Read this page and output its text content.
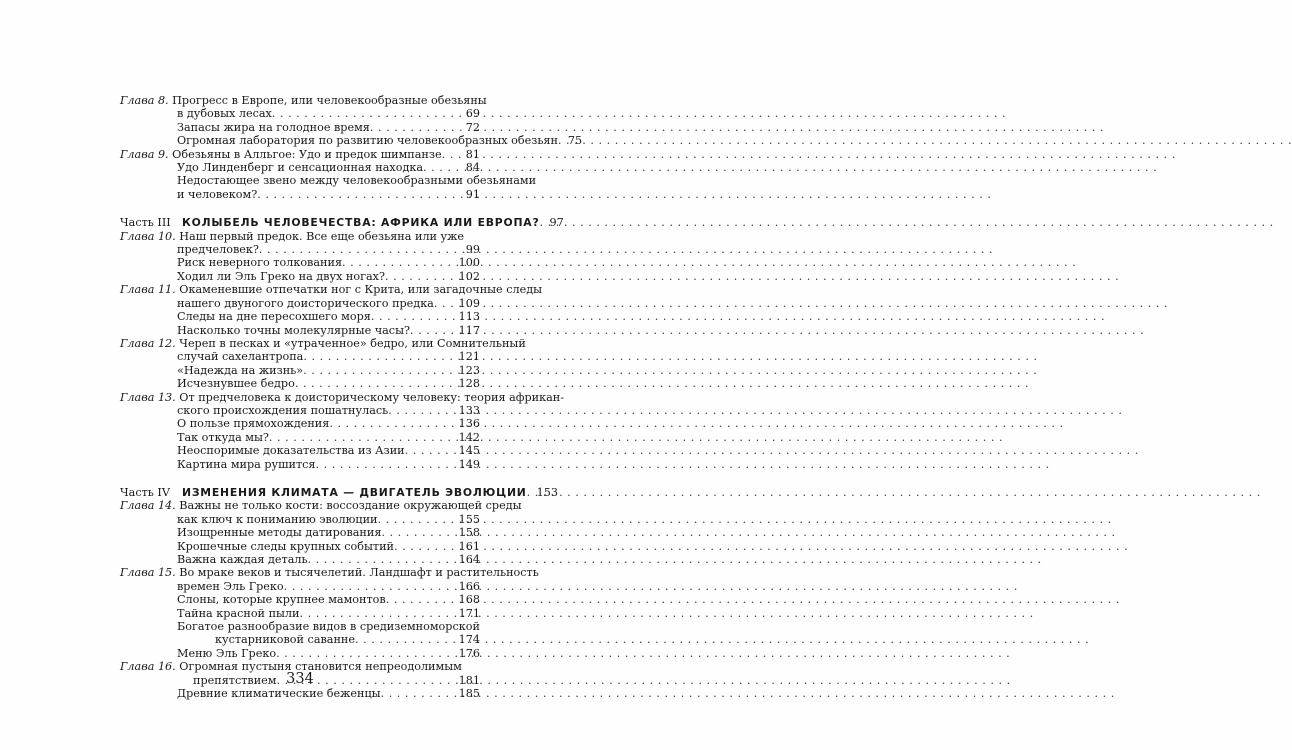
Глава 8. Прогресс в Европе, или человекообразные обезьяны
в дубовых лесах . . .	69
Запасы жира на голодное время . . .	72
Огромная лаборатория по развитию человекообразных обезьян . . . 75
Глава 9. Обезьяны в Алльгое: Удо и предок шимпанзе . . . 81
Удо Линденберг и сенсационная находка . . .	84
Недостающее звено между человекообразными обезьянами
и человеком? . . .	91
Часть III	КОЛЫБЕЛЬ ЧЕЛОВЕЧЕСТВА: АФРИКА ИЛИ ЕВРОПА? . . . 97
Глава 10. Наш первый предок. Все еще обезьяна или уже
предчеловек? . . .	99
Риск неверного толкования . . .	100
Ходил ли Эль Греко на двух ногах? . . .	102
Глава 11. Окаменевшие отпечатки ног с Крита, или загадочные следы
нашего двуногого доисторического предка . . . 109
Следы на дне пересохшего моря . . .	113
Насколько точны молекулярные часы? . . .	117
Глава 12. Череп в песках и «утраченное» бедро, или Сомнительный
случай сахелантропа . . .	121
«Надежда на жизнь» . . .	123
Исчезнувшее бедро . . .	128
Глава 13. От предчеловека к доисторическому человеку: теория африкан-
ского происхождения пошатнулась . . .	133
О пользе прямохождения . . .	136
Так откуда мы? . . .	142
Неоспоримые доказательства из Азии . . .	145
Картина мира рушится . . .	149
Часть IV	ИЗМЕНЕНИЯ КЛИМАТА — ДВИГАТЕЛЬ ЭВОЛЮЦИИ . . . 153
Глава 14. Важны не только кости: воссоздание окружающей среды
как ключ к пониманию эволюции . . .	155
Изощренные методы датирования . . .	158
Крошечные следы крупных событий . . .	161
Важна каждая деталь . . .	164
Глава 15. Во мраке веков и тысячелетий. Ландшафт и растительность
времен Эль Греко . . .	166
Слоны, которые крупнее мамонтов . . .	168
Тайна красной пыли . . .	171
Богатое разнообразие видов в средиземноморской
кустарниковой саванне . . .	174
Меню Эль Греко . . .	176
Глава 16. Огромная пустыня становится непреодолимым
препятствием . . .	181
Древние климатические беженцы . . .	185
334
